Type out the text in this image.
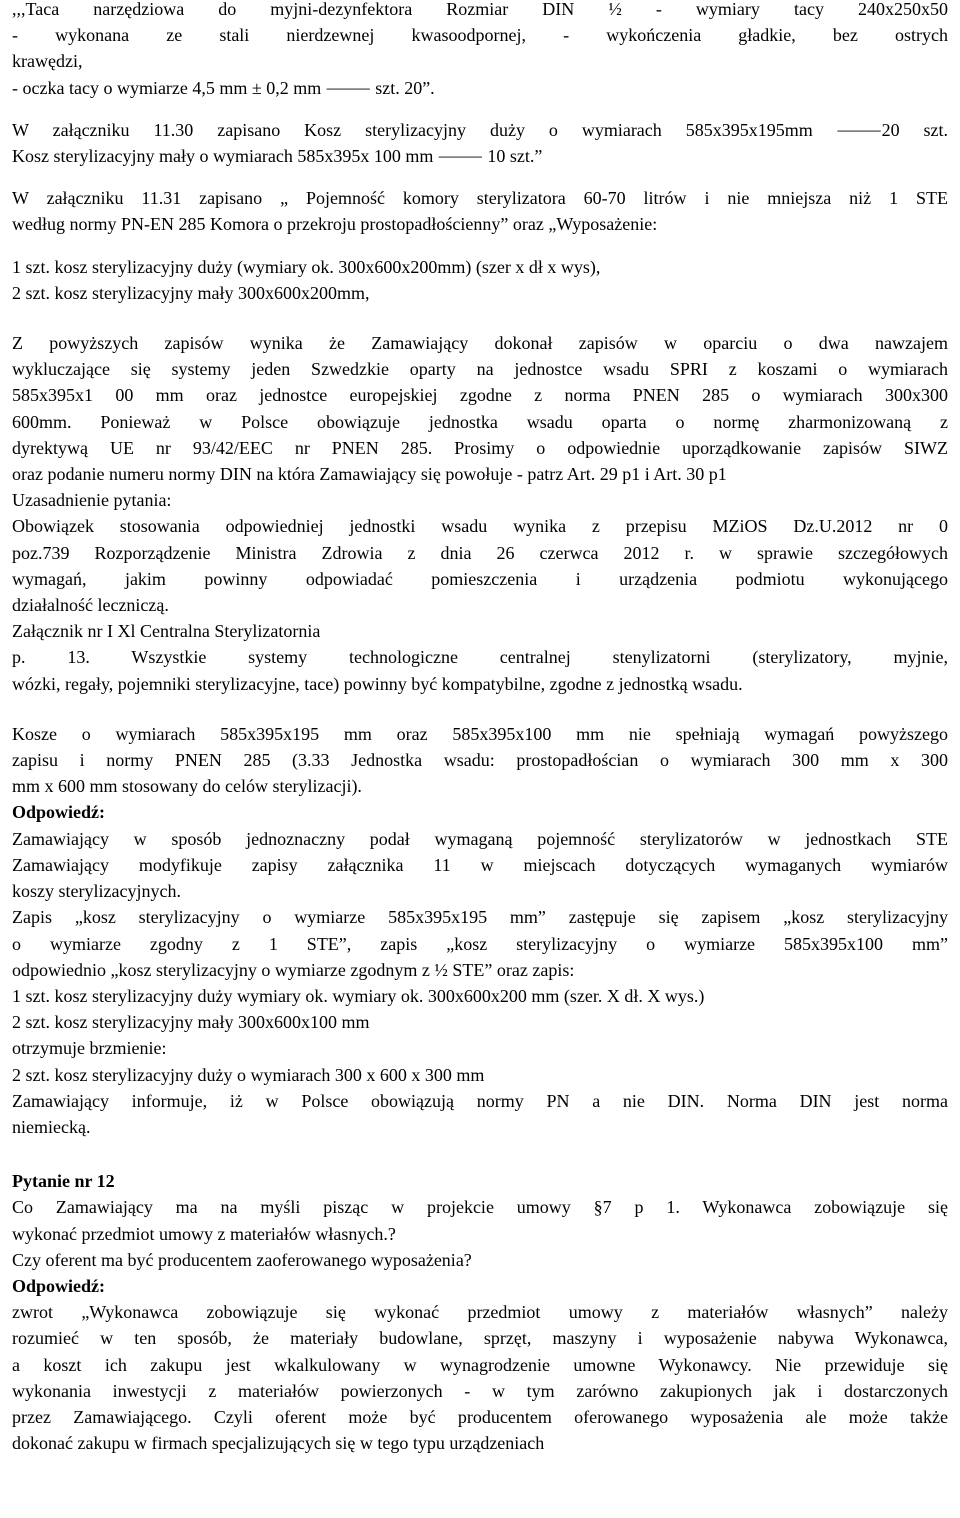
,,,Taca narzędziowa do myjni-dezynfektora Rozmiar DIN ½ - wymiary tacy 240x250x50
- wykonana ze stali nierdzewnej kwasoodpornej, - wykończenia gładkie, bez ostrych
krawędzi,
- oczka tacy o wymiarze 4,5 mm ± 0,2 mm ⸻ szt. 20”.
W załączniku 11.30 zapisano Kosz sterylizacyjny duży o wymiarach 585x395x195mm ⸻20 szt.
Kosz sterylizacyjny mały o wymiarach 585x395x 100 mm ⸻ 10 szt.”
W załączniku 11.31 zapisano „ Pojemność komory sterylizatora 60-70 litrów i nie mniejsza niż 1 STE
według normy PN-EN 285 Komora o przekroju prostopadłościenny” oraz „Wyposażenie:
1 szt. kosz sterylizacyjny duży (wymiary ok. 300x600x200mm) (szer x dł x wys),
2 szt. kosz sterylizacyjny mały 300x600x200mm,
Z powyższych zapisów wynika że Zamawiający dokonał zapisów w oparciu o dwa nawzajem
wykluczające się systemy jeden Szwedzkie oparty na jednostce wsadu SPRI z koszami o wymiarach
585x395x1 00 mm oraz jednostce europejskiej zgodne z norma PNEN 285 o wymiarach 300x300
600mm. Ponieważ w Polsce obowiązuje jednostka wsadu oparta o normę zharmonizowaną z
dyrektywą UE nr 93/42/EEC nr PNEN 285. Prosimy o odpowiednie uporządkowanie zapisów SIWZ
oraz podanie numeru normy DIN na która Zamawiający się powołuje - patrz Art. 29 p1 i Art. 30 p1
Uzasadnienie pytania:
Obowiązek stosowania odpowiedniej jednostki wsadu wynika z przepisu MZiOS Dz.U.2012 nr 0
poz.739 Rozporządzenie Ministra Zdrowia z dnia 26 czerwca 2012 r. w sprawie szczegółowych
wymagań, jakim powinny odpowiadać pomieszczenia i urządzenia podmiotu wykonującego
działalność leczniczą.
Załącznik nr I Xl Centralna Sterylizatornia
p. 13. Wszystkie systemy technologiczne centralnej stenylizatorni (sterylizatory, myjnie,
wózki, regały, pojemniki sterylizacyjne, tace) powinny być kompatybilne, zgodne z jednostką wsadu.
Kosze o wymiarach 585x395x195 mm oraz 585x395x100 mm nie spełniają wymagań powyższego
zapisu i normy PNEN 285 (3.33 Jednostka wsadu: prostopadłościan o wymiarach 300 mm x 300
mm x 600 mm stosowany do celów sterylizacji).
Odpowiedź:
Zamawiający w sposób jednoznaczny podał wymaganą pojemność sterylizatorów w jednostkach STE
Zamawiający modyfikuje zapisy załącznika 11 w miejscach dotyczących wymaganych wymiarów
koszy sterylizacyjnych.
Zapis „kosz sterylizacyjny o wymiarze 585x395x195 mm” zastępuje się zapisem „kosz sterylizacyjny
o wymiarze zgodny z 1 STE”, zapis „kosz sterylizacyjny o wymiarze 585x395x100 mm”
odpowiednio „kosz sterylizacyjny o wymiarze zgodnym z ½ STE” oraz zapis:
1 szt. kosz sterylizacyjny duży wymiary ok. wymiary ok. 300x600x200 mm (szer. X dł. X wys.)
2 szt. kosz sterylizacyjny mały 300x600x100 mm
otrzymuje brzmienie:
2 szt. kosz sterylizacyjny duży o wymiarach 300 x 600 x 300 mm
Zamawiający informuje, iż w Polsce obowiązują normy PN a nie DIN. Norma DIN jest norma
niemiecką.
Pytanie nr 12
Co Zamawiający ma na myśli pisząc w projekcie umowy §7 p 1. Wykonawca zobowiązuje się
wykonać przedmiot umowy z materiałów własnych.?
Czy oferent ma być producentem zaoferowanego wyposażenia?
Odpowiedź:
zwrot „Wykonawca zobowiązuje się wykonać przedmiot umowy z materiałów własnych” należy
rozumieć w ten sposób, że materiały budowlane, sprzęt, maszyny i wyposażenie nabywa Wykonawca,
a koszt ich zakupu jest wkalkulowany w wynagrodzenie umowne Wykonawcy. Nie przewiduje się
wykonania inwestycji z materiałów powierzonych - w tym zarówno zakupionych jak i dostarczonych
przez Zamawiającego. Czyli oferent może być producentem oferowanego wyposażenia ale może także
dokonać zakupu w firmach specjalizujących się w tego typu urządzeniach
